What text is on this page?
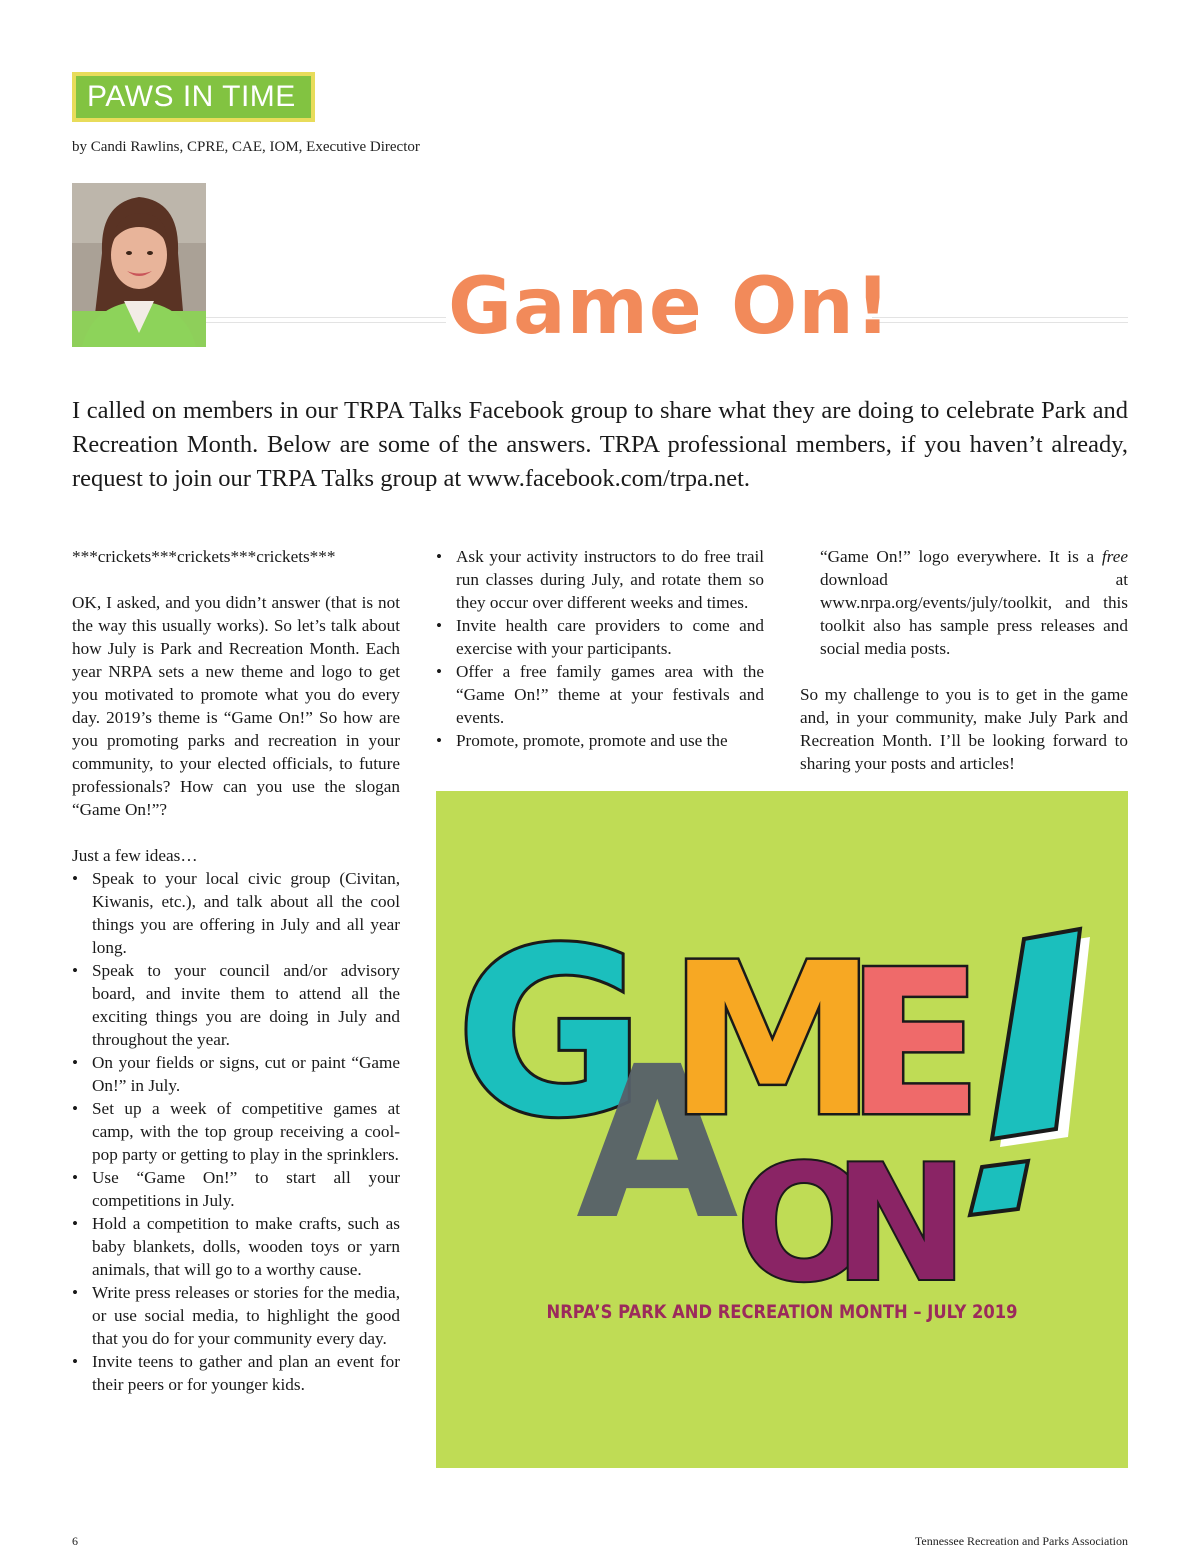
PAWS IN TIME
by Candi Rawlins, CPRE, CAE, IOM, Executive Director
Game On!

I called on members in our TRPA Talks Facebook group to share what they are doing to celebrate Park and Recreation Month. Below are some of the answers. TRPA professional members, if you haven’t already, request to join our TRPA Talks group at www.facebook.com/trpa.net.

***crickets***crickets***crickets***

OK, I asked, and you didn’t answer (that is not the way this usually works). So let’s talk about how July is Park and Recreation Month. Each year NRPA sets a new theme and logo to get you motivated to promote what you do every day. 2019’s theme is “Game On!” So how are you promoting parks and recreation in your community, to your elected officials, to future professionals? How can you use the slogan “Game On!”?

Just a few ideas…

• Speak to your local civic group (Civitan, Kiwanis, etc.), and talk about all the cool things you are offering in July and all year long.
• Speak to your council and/or advisory board, and invite them to attend all the exciting things you are doing in July and throughout the year.
• On your fields or signs, cut or paint “Game On!” in July.
• Set up a week of competitive games at camp, with the top group receiving a cool-pop party or getting to play in the sprinklers.
• Use “Game On!” to start all your competitions in July.
• Hold a competition to make crafts, such as baby blankets, dolls, wooden toys or yarn animals, that will go to a worthy cause.
• Write press releases or stories for the media, or use social media, to highlight the good that you do for your community every day.
• Invite teens to gather and plan an event for their peers or for younger kids.
• Ask your activity instructors to do free trail run classes during July, and rotate them so they occur over different weeks and times.
• Invite health care providers to come and exercise with your participants.
• Offer a free family games area with the “Game On!” theme at your festivals and events.
• Promote, promote, promote and use the

“Game On!” logo everywhere. It is a free download at www.nrpa.org/events/july/toolkit, and this toolkit also has sample press releases and social media posts.

So my challenge to you is to get in the game and, in your community, make July Park and Recreation Month. I’ll be looking forward to sharing your posts and articles!

G
A
M
E
O
N
NRPA’S PARK AND RECREATION MONTH – JULY 2019
6	Tennessee Recreation and Parks Association
